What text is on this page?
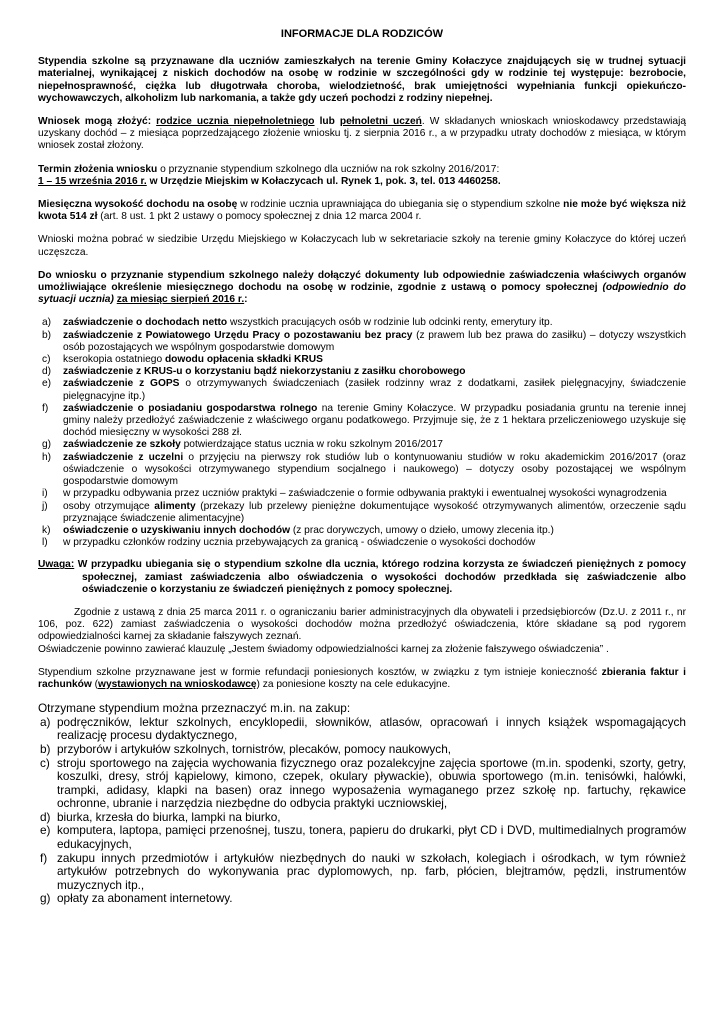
INFORMACJE DLA RODZICÓW

Stypendia szkolne są przyznawane dla uczniów zamieszkałych na terenie Gminy Kołaczyce znajdujących się w trudnej sytuacji materialnej, wynikającej z niskich dochodów na osobę w rodzinie w szczególności gdy w rodzinie tej występuje: bezrobocie, niepełnosprawność, ciężka lub długotrwała choroba, wielodzietność, brak umiejętności wypełniania funkcji opiekuńczo-wychowawczych, alkoholizm lub narkomania, a także gdy uczeń pochodzi z rodziny niepełnej.

Wniosek mogą złożyć: rodzice ucznia niepełnoletniego lub pełnoletni uczeń. W składanych wnioskach wnioskodawcy przedstawiają uzyskany dochód – z miesiąca poprzedzającego złożenie wniosku tj. z sierpnia 2016 r., a w przypadku utraty dochodów z miesiąca, w którym wniosek został złożony.

Termin złożenia wniosku o przyznanie stypendium szkolnego dla uczniów na rok szkolny 2016/2017:
1 – 15 września 2016 r. w Urzędzie Miejskim w Kołaczycach ul. Rynek 1, pok. 3, tel. 013 4460258.

Miesięczna wysokość dochodu na osobę w rodzinie ucznia uprawniająca do ubiegania się o stypendium szkolne nie może być większa niż kwota 514 zł (art. 8 ust. 1 pkt 2 ustawy o pomocy społecznej z dnia 12 marca 2004 r.

Wnioski można pobrać w siedzibie Urzędu Miejskiego w Kołaczycach lub w sekretariacie szkoły na terenie gminy Kołaczyce do której uczeń uczęszcza.

Do wniosku o przyznanie stypendium szkolnego należy dołączyć dokumenty lub odpowiednie zaświadczenia właściwych organów umożliwiające określenie miesięcznego dochodu na osobę w rodzinie, zgodnie z ustawą o pomocy społecznej (odpowiednio do sytuacji ucznia) za miesiąc sierpień 2016 r.:

a)	zaświadczenie o dochodach netto wszystkich pracujących osób w rodzinie lub odcinki renty, emerytury itp.
b)	zaświadczenie z Powiatowego Urzędu Pracy o pozostawaniu bez pracy (z prawem lub bez prawa do zasiłku) – dotyczy wszystkich osób pozostających we wspólnym gospodarstwie domowym
c)	kserokopia ostatniego dowodu opłacenia składki KRUS
d)	zaświadczenie z KRUS-u o korzystaniu bądź niekorzystaniu z zasiłku chorobowego
e)	zaświadczenie z GOPS o otrzymywanych świadczeniach (zasiłek rodzinny wraz z dodatkami, zasiłek pielęgnacyjny, świadczenie pielęgnacyjne itp.)
f)	zaświadczenie o posiadaniu gospodarstwa rolnego na terenie Gminy Kołaczyce. W przypadku posiadania gruntu na terenie innej gminy należy przedłożyć zaświadczenie z właściwego organu podatkowego. Przyjmuje się, że z 1 hektara przeliczeniowego uzyskuje się dochód miesięczny w wysokości 288 zł.
g)	zaświadczenie ze szkoły potwierdzające status ucznia w roku szkolnym 2016/2017
h)	zaświadczenie z uczelni o przyjęciu na pierwszy rok studiów lub o kontynuowaniu studiów w roku akademickim 2016/2017 (oraz oświadczenie o wysokości otrzymywanego stypendium socjalnego i naukowego) – dotyczy osoby pozostającej we wspólnym gospodarstwie domowym
i)	w przypadku odbywania przez uczniów praktyki – zaświadczenie o formie odbywania praktyki i ewentualnej wysokości wynagrodzenia
j)	osoby otrzymujące alimenty (przekazy lub przelewy pieniężne dokumentujące wysokość otrzymywanych alimentów, orzeczenie sądu przyznające świadczenie alimentacyjne)
k)	oświadczenie o uzyskiwaniu innych dochodów (z prac dorywczych, umowy o dzieło, umowy zlecenia itp.)
l)	w przypadku członków rodziny ucznia przebywających za granicą - oświadczenie o wysokości dochodów

Uwaga: W przypadku ubiegania się o stypendium szkolne dla ucznia, którego rodzina korzysta ze świadczeń pieniężnych z pomocy społecznej, zamiast zaświadczenia albo oświadczenia o wysokości dochodów przedkłada się zaświadczenie albo oświadczenie o korzystaniu ze świadczeń pieniężnych z pomocy społecznej.

Zgodnie z ustawą z dnia 25 marca 2011 r. o ograniczaniu barier administracyjnych dla obywateli i przedsiębiorców (Dz.U. z 2011 r., nr 106, poz. 622) zamiast zaświadczenia o wysokości dochodów można przedłożyć oświadczenia, które składane są pod rygorem odpowiedzialności karnej za składanie fałszywych zeznań.

Oświadczenie powinno zawierać klauzulę „Jestem świadomy odpowiedzialności karnej za złożenie fałszywego oświadczenia” .

Stypendium szkolne przyznawane jest w formie refundacji poniesionych kosztów, w związku z tym istnieje konieczność zbierania faktur i rachunków (wystawionych na wnioskodawcę) za poniesione koszty na cele edukacyjne.

Otrzymane stypendium można przeznaczyć m.in. na zakup:

a) podręczników, lektur szkolnych, encyklopedii, słowników, atlasów, opracowań i innych książek wspomagających realizację procesu dydaktycznego,
b) przyborów i artykułów szkolnych, tornistrów, plecaków, pomocy naukowych,
c) stroju sportowego na zajęcia wychowania fizycznego oraz pozalekcyjne zajęcia sportowe (m.in. spodenki, szorty, getry, koszulki, dresy, strój kąpielowy, kimono, czepek, okulary pływackie), obuwia sportowego (m.in. tenisówki, halówki, trampki, adidasy, klapki na basen) oraz innego wyposażenia wymaganego przez szkołę np. fartuchy, rękawice ochronne, ubranie i narzędzia niezbędne do odbycia praktyki uczniowskiej,
d) biurka, krzesła do biurka, lampki na biurko,
e) komputera, laptopa, pamięci przenośnej, tuszu, tonera, papieru do drukarki, płyt CD i DVD, multimedialnych programów edukacyjnych,
f) zakupu innych przedmiotów i artykułów niezbędnych do nauki w szkołach, kolegiach i ośrodkach, w tym również artykułów potrzebnych do wykonywania prac dyplomowych, np. farb, płócien, blejtramów, pędzli, instrumentów muzycznych itp.,
g) opłaty za abonament internetowy.
